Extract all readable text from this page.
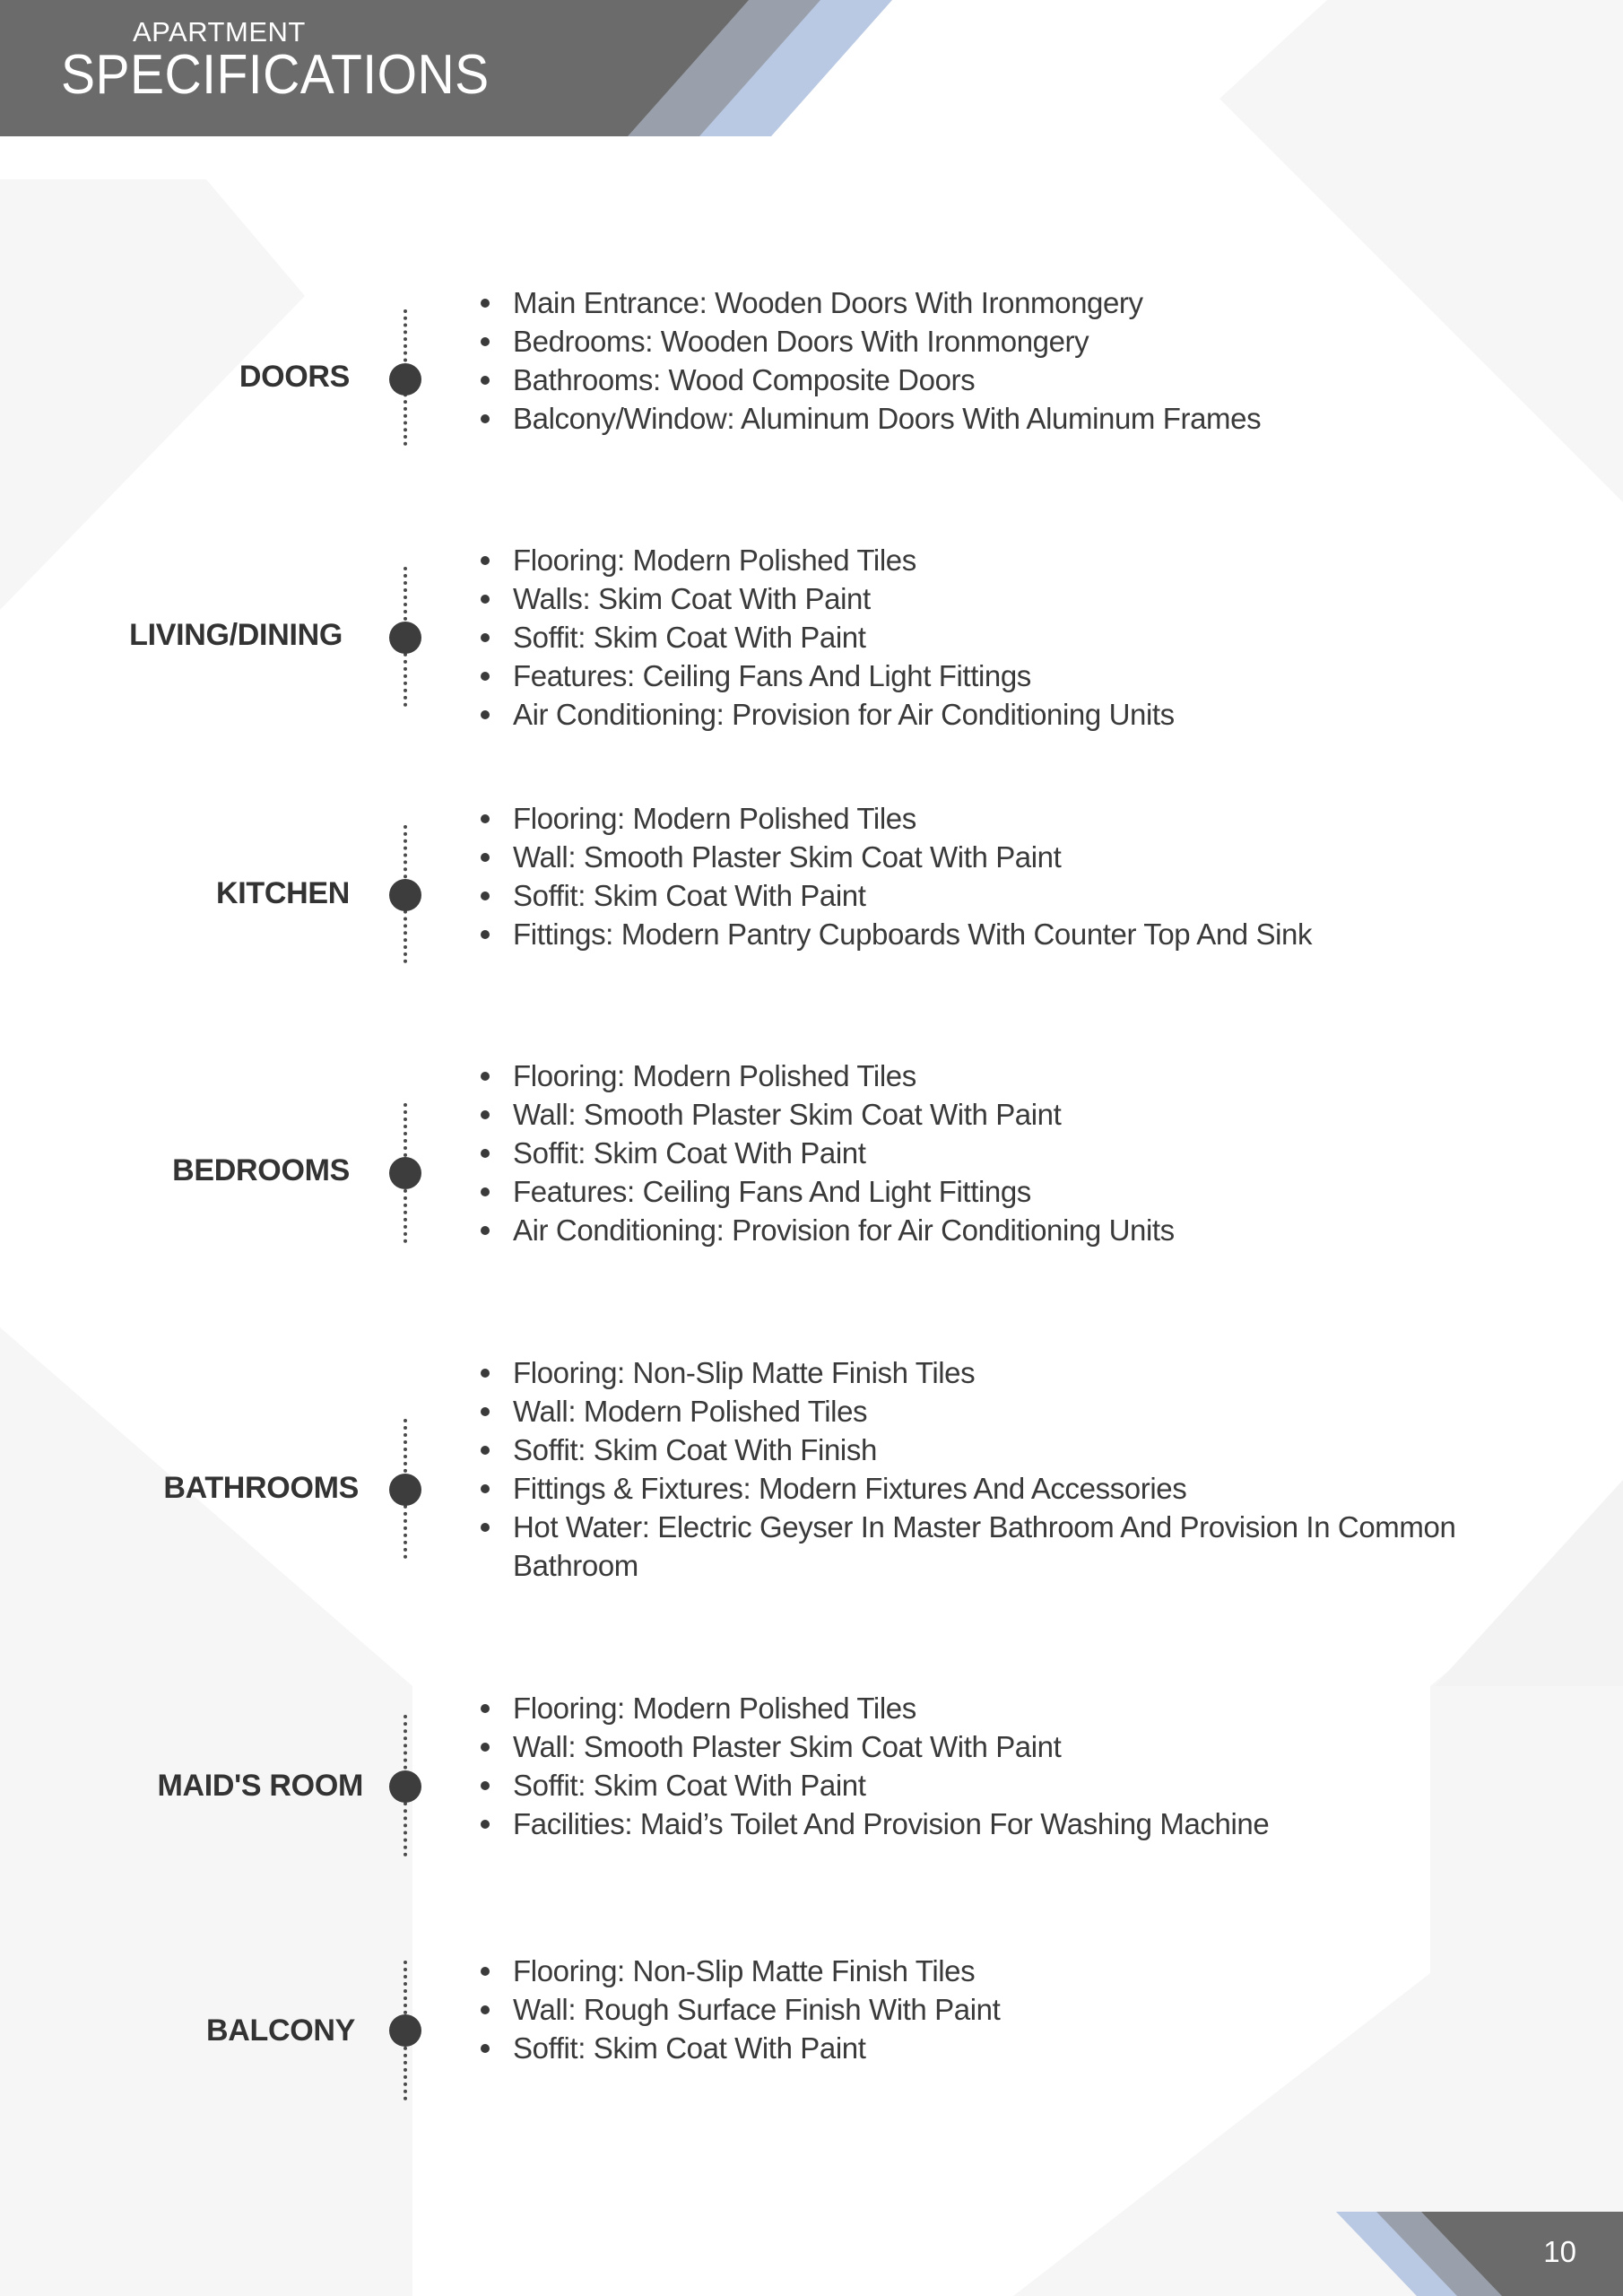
APARTMENT
SPECIFICATIONS
DOORS
Main Entrance: Wooden Doors With Ironmongery
Bedrooms: Wooden Doors With Ironmongery
Bathrooms: Wood Composite Doors
Balcony/Window: Aluminum Doors With Aluminum Frames
LIVING/DINING
Flooring: Modern Polished Tiles
Walls: Skim Coat With Paint
Soffit: Skim Coat With Paint
Features: Ceiling Fans And Light Fittings
Air Conditioning: Provision for Air Conditioning Units
KITCHEN
Flooring: Modern Polished Tiles
Wall: Smooth Plaster Skim Coat With Paint
Soffit: Skim Coat With Paint
Fittings: Modern Pantry Cupboards With Counter Top And Sink
BEDROOMS
Flooring: Modern Polished Tiles
Wall: Smooth Plaster Skim Coat With Paint
Soffit: Skim Coat With Paint
Features: Ceiling Fans And Light Fittings
Air Conditioning: Provision for Air Conditioning Units
BATHROOMS
Flooring: Non-Slip Matte Finish Tiles
Wall: Modern Polished Tiles
Soffit: Skim Coat With Finish
Fittings & Fixtures: Modern Fixtures And Accessories
Hot Water: Electric Geyser In Master Bathroom And Provision In Common Bathroom
MAID'S ROOM
Flooring: Modern Polished Tiles
Wall: Smooth Plaster Skim Coat With Paint
Soffit: Skim Coat With Paint
Facilities: Maid’s Toilet And Provision For Washing Machine
BALCONY
Flooring: Non-Slip Matte Finish Tiles
Wall: Rough Surface Finish With Paint
Soffit: Skim Coat With Paint
10
